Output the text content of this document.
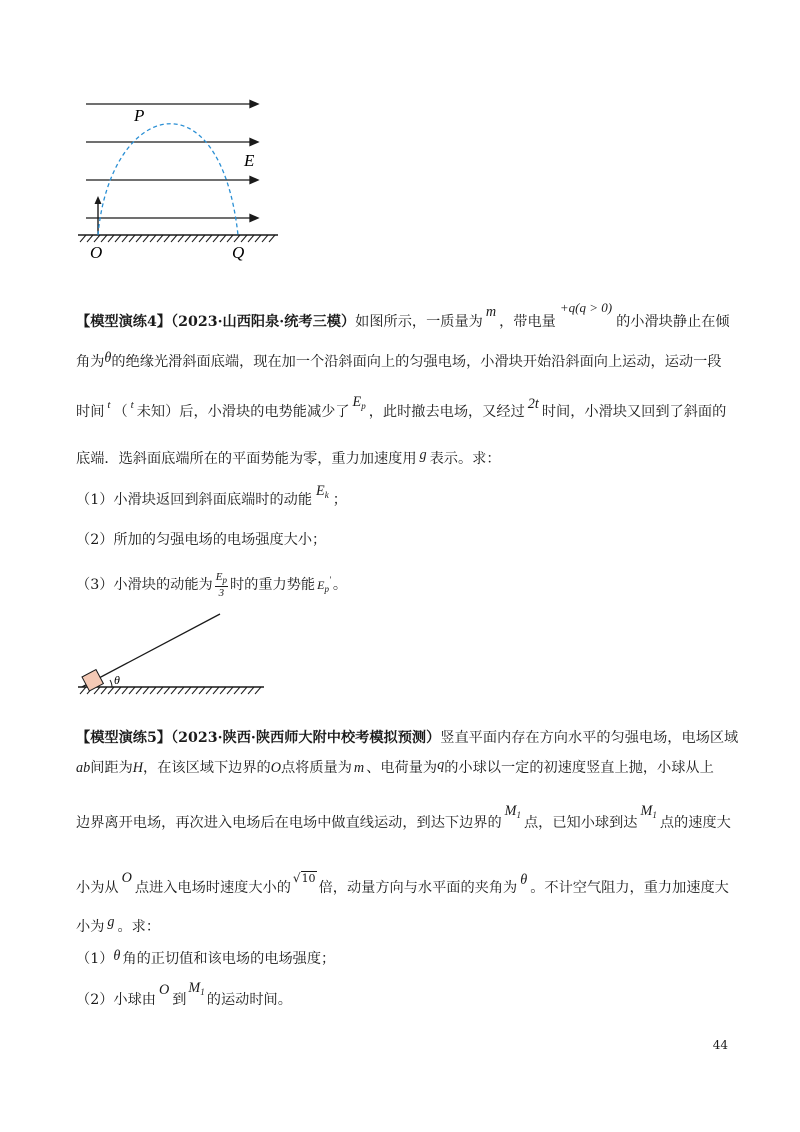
P
E
O	Q
【模型演练4】（2023·山西阳泉·统考三模）如图所示，一质量为m，带电量+q(q > 0)的小滑块静止在倾
角为θ的绝缘光滑斜面底端，现在加一个沿斜面向上的匀强电场，小滑块开始沿斜面向上运动，运动一段
时间 $^t$ （ $^t$ 未知）后，小滑块的电势能减少了$E_p$ ，此时撤去电场，又经过 2t 时间，小滑块又回到了斜面的
底端．选斜面底端所在的平面势能为零，重力加速度用 g 表示。求：
（1）小滑块返回到斜面底端时的动能$E_k$ ；
（2）所加的匀强电场的电场强度大小；
（3）小滑块的动能为 $\frac{E_p}{3}$ 时的重力势能 $E_p'$ 。
θ
【模型演练5】（2023·陕西·陕西师大附中校考模拟预测）竖直平面内存在方向水平的匀强电场，电场区域
ab间距为H，在该区域下边界的O点将质量为 m 、电荷量为q的小球以一定的初速度竖直上抛，小球从上
边界离开电场，再次进入电场后在电场中做直线运动，到达下边界的$M_1$ 点，已知小球到达$M_1$ 点的速度大
小为从O点进入电场时速度大小的√10倍，动量方向与水平面的夹角为 θ 。不计空气阻力，重力加速度大
小为 g 。求：
（1）θ 角的正切值和该电场的电场强度；
（2）小球由O到$M_1$ 的运动时间。
44
